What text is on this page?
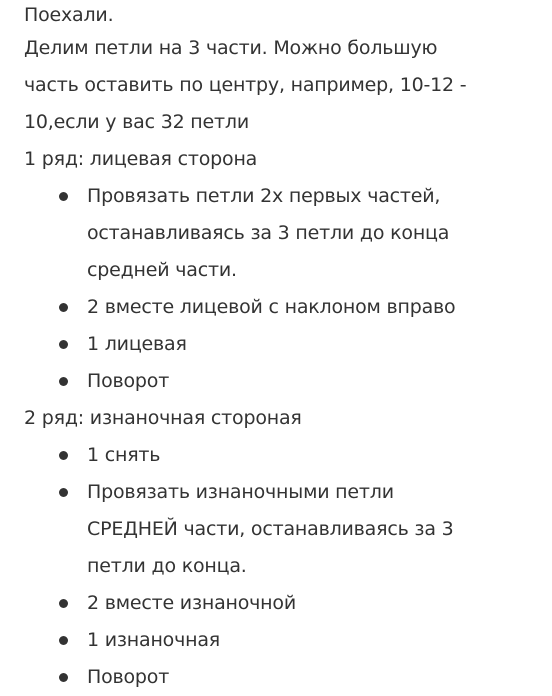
Поехали.
Делим петли на 3 части. Можно большую
часть оставить по центру, например, 10-12 -
10,если у вас 32 петли
1 ряд: лицевая сторона
Провязать петли 2х первых частей,
останавливаясь за 3 петли до конца
средней части.
2 вместе лицевой с наклоном вправо
1 лицевая
Поворот
2 ряд: изнаночная стороная
1 снять
Провязать изнаночными петли
СРЕДНЕЙ части, останавливаясь за 3
петли до конца.
2 вместе изнаночной
1 изнаночная
Поворот
